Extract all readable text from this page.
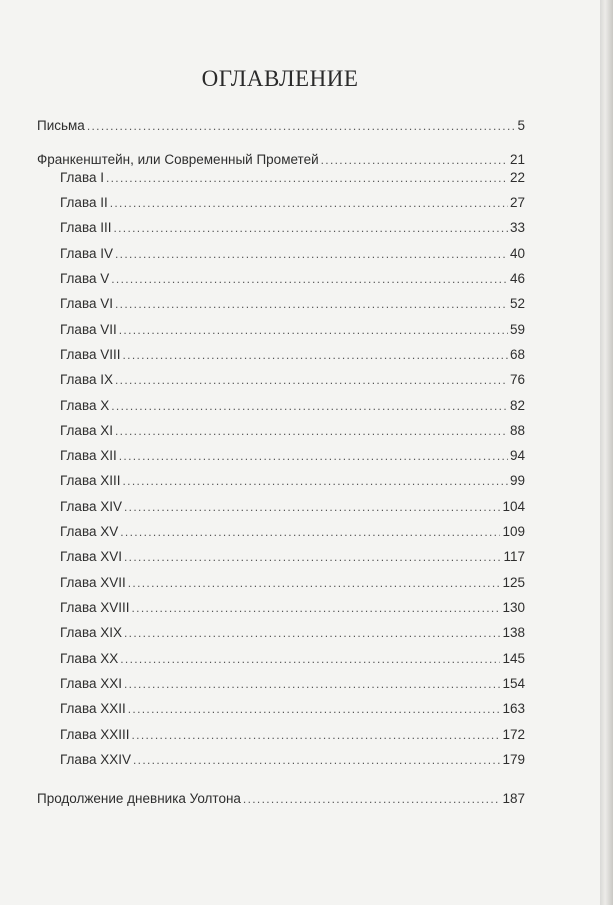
ОГЛАВЛЕНИЕ
Письма . . .	5
Франкенштейн, или Современный Прометей . . .	21
Глава I . . .	22
Глава II . . .	27
Глава III . . .	33
Глава IV . . .	40
Глава V . . .	46
Глава VI . . .	52
Глава VII . . .	59
Глава VIII . . .	68
Глава IX . . .	76
Глава X . . .	82
Глава XI . . .	88
Глава XII . . .	94
Глава XIII . . .	99
Глава XIV . . .	104
Глава XV . . .	109
Глава XVI . . .	117
Глава XVII . . .	125
Глава XVIII . . .	130
Глава XIX . . .	138
Глава XX . . .	145
Глава XXI . . .	154
Глава XXII . . .	163
Глава XXIII . . .	172
Глава XXIV . . .	179
Продолжение дневника Уолтона . . .	187
